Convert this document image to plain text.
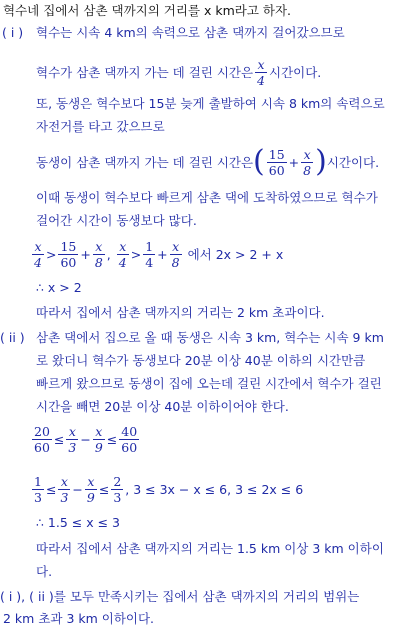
혁수네 집에서 삼촌 댁까지의 거리를 x km라고 하자.
( i ) 혁수는 시속 4 km의 속력으로 삼촌 댁까지 걸어갔으므로
혁수가 삼촌 댁까지 가는 데 걸린 시간은 $\frac{x}{4}$ 시간이다.
또, 동생은 혁수보다 15분 늦게 출발하여 시속 8 km의 속력으로
자전거를 타고 갔으므로
동생이 삼촌 댁까지 가는 데 걸린 시간은 ( $\frac{15}{60} + \frac{x}{8}$ ) 시간이다.
이때 동생이 혁수보다 빠르게 삼촌 댁에 도착하였으므로 혁수가
걸어간 시간이 동생보다 많다.
$\frac{x}{4} > \frac{15}{60} + \frac{x}{8}$ ,
$\frac{x}{4} > \frac{1}{4} + \frac{x}{8}$ 에서 2x > 2 + x
∴ x > 2
따라서 집에서 삼촌 댁까지의 거리는 2 km 초과이다.
( ii ) 삼촌 댁에서 집으로 올 때 동생은 시속 3 km, 혁수는 시속 9 km
로 왔더니 혁수가 동생보다 20분 이상 40분 이하의 시간만큼
빠르게 왔으므로 동생이 집에 오는데 걸린 시간에서 혁수가 걸린
시간을 빼면 20분 이상 40분 이하이어야 한다.
$\frac{20}{60} \le \frac{x}{3} - \frac{x}{9} \le \frac{40}{60}$
$\frac{1}{3} \le \frac{x}{3} - \frac{x}{9} \le \frac{2}{3}$ , 3 ≤ 3x − x ≤ 6, 3 ≤ 2x ≤ 6
∴ 1.5 ≤ x ≤ 3
따라서 집에서 삼촌 댁까지의 거리는 1.5 km 이상 3 km 이하이
다.
( i ), ( ii )를 모두 만족시키는 집에서 삼촌 댁까지의 거리의 범위는
2 km 초과 3 km 이하이다.
